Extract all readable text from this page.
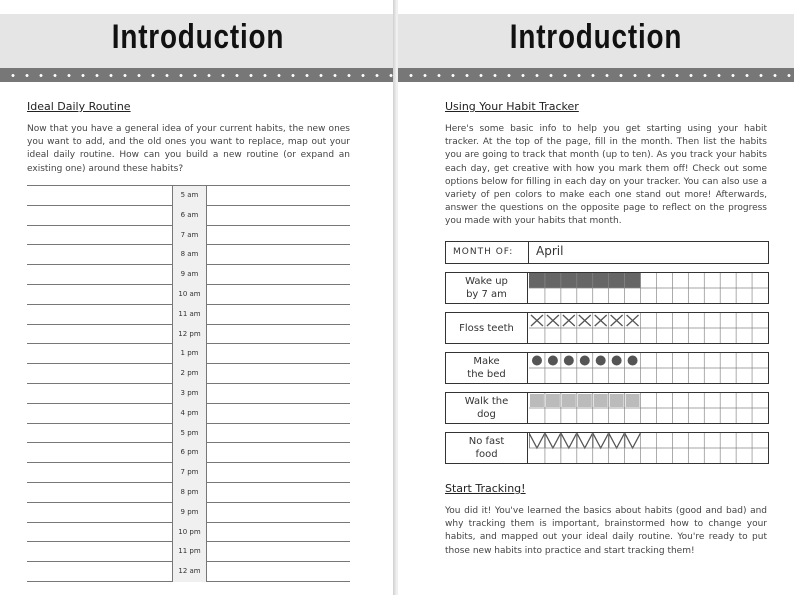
Introduction
Ideal Daily Routine

Now that you have a general idea of your current habits, the new ones you want to add, and the old ones you want to replace, map out your ideal daily routine. How can you build a new routine (or expand an existing one) around these habits?

5 am
6 am
7 am
8 am
9 am
10 am
11 am
12 pm
1 pm
2 pm
3 pm
4 pm
5 pm
6 pm
7 pm
8 pm
9 pm
10 pm
11 pm
12 am
Introduction
Using Your Habit Tracker

Here's some basic info to help you get starting using your habit tracker. At the top of the page, fill in the month. Then list the habits you are going to track that month (up to ten). As you track your habits each day, get creative with how you mark them off! Check out some options below for filling in each day on your tracker. You can also use a variety of pen colors to make each one stand out more! Afterwards, answer the questions on the opposite page to reflect on the progress you made with your habits that month.

Start Tracking!

You did it! You've learned the basics about habits (good and bad) and why tracking them is important, brainstormed how to change your habits, and mapped out your ideal daily routine. You're ready to put those new habits into practice and start tracking them!

MONTH OF: April
Wake up
by 7 am
Floss teeth
Make
the bed
Walk the
dog
No fast
food
